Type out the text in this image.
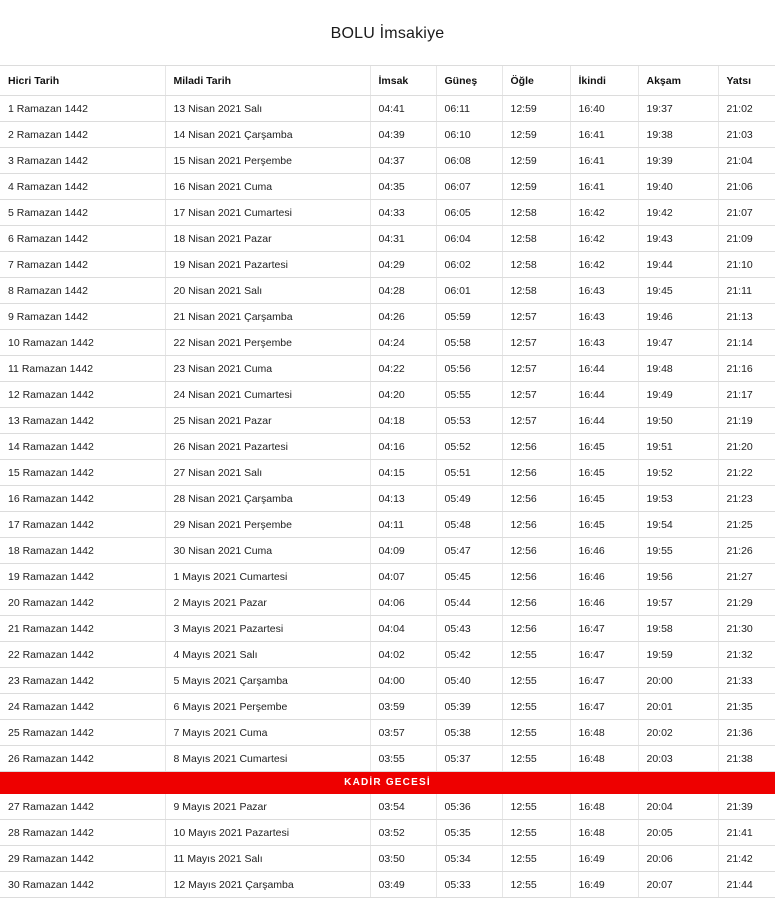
BOLU İmsakiye
Hicri Tarih	Miladi Tarih	İmsak	Güneş	Öğle	İkindi	Akşam	Yatsı
1 Ramazan 1442	13 Nisan 2021 Salı	04:41	06:11	12:59	16:40	19:37	21:02
2 Ramazan 1442	14 Nisan 2021 Çarşamba	04:39	06:10	12:59	16:41	19:38	21:03
3 Ramazan 1442	15 Nisan 2021 Perşembe	04:37	06:08	12:59	16:41	19:39	21:04
4 Ramazan 1442	16 Nisan 2021 Cuma	04:35	06:07	12:59	16:41	19:40	21:06
5 Ramazan 1442	17 Nisan 2021 Cumartesi	04:33	06:05	12:58	16:42	19:42	21:07
6 Ramazan 1442	18 Nisan 2021 Pazar	04:31	06:04	12:58	16:42	19:43	21:09
7 Ramazan 1442	19 Nisan 2021 Pazartesi	04:29	06:02	12:58	16:42	19:44	21:10
8 Ramazan 1442	20 Nisan 2021 Salı	04:28	06:01	12:58	16:43	19:45	21:11
9 Ramazan 1442	21 Nisan 2021 Çarşamba	04:26	05:59	12:57	16:43	19:46	21:13
10 Ramazan 1442	22 Nisan 2021 Perşembe	04:24	05:58	12:57	16:43	19:47	21:14
11 Ramazan 1442	23 Nisan 2021 Cuma	04:22	05:56	12:57	16:44	19:48	21:16
12 Ramazan 1442	24 Nisan 2021 Cumartesi	04:20	05:55	12:57	16:44	19:49	21:17
13 Ramazan 1442	25 Nisan 2021 Pazar	04:18	05:53	12:57	16:44	19:50	21:19
14 Ramazan 1442	26 Nisan 2021 Pazartesi	04:16	05:52	12:56	16:45	19:51	21:20
15 Ramazan 1442	27 Nisan 2021 Salı	04:15	05:51	12:56	16:45	19:52	21:22
16 Ramazan 1442	28 Nisan 2021 Çarşamba	04:13	05:49	12:56	16:45	19:53	21:23
17 Ramazan 1442	29 Nisan 2021 Perşembe	04:11	05:48	12:56	16:45	19:54	21:25
18 Ramazan 1442	30 Nisan 2021 Cuma	04:09	05:47	12:56	16:46	19:55	21:26
19 Ramazan 1442	1 Mayıs 2021 Cumartesi	04:07	05:45	12:56	16:46	19:56	21:27
20 Ramazan 1442	2 Mayıs 2021 Pazar	04:06	05:44	12:56	16:46	19:57	21:29
21 Ramazan 1442	3 Mayıs 2021 Pazartesi	04:04	05:43	12:56	16:47	19:58	21:30
22 Ramazan 1442	4 Mayıs 2021 Salı	04:02	05:42	12:55	16:47	19:59	21:32
23 Ramazan 1442	5 Mayıs 2021 Çarşamba	04:00	05:40	12:55	16:47	20:00	21:33
24 Ramazan 1442	6 Mayıs 2021 Perşembe	03:59	05:39	12:55	16:47	20:01	21:35
25 Ramazan 1442	7 Mayıs 2021 Cuma	03:57	05:38	12:55	16:48	20:02	21:36
26 Ramazan 1442	8 Mayıs 2021 Cumartesi	03:55	05:37	12:55	16:48	20:03	21:38
KADİR GECESİ							
27 Ramazan 1442	9 Mayıs 2021 Pazar	03:54	05:36	12:55	16:48	20:04	21:39
28 Ramazan 1442	10 Mayıs 2021 Pazartesi	03:52	05:35	12:55	16:48	20:05	21:41
29 Ramazan 1442	11 Mayıs 2021 Salı	03:50	05:34	12:55	16:49	20:06	21:42
30 Ramazan 1442	12 Mayıs 2021 Çarşamba	03:49	05:33	12:55	16:49	20:07	21:44
